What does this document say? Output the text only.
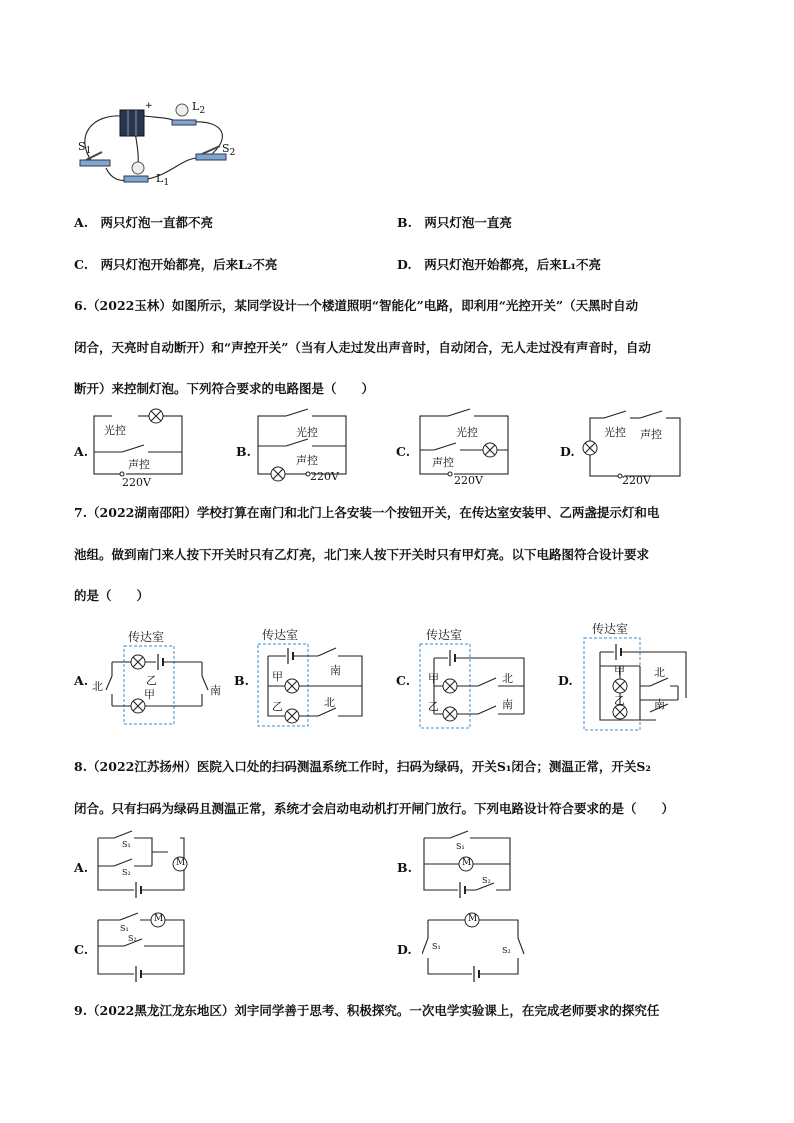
+	$L_2$
$S_1$	$S_2$
$L_1$
A.　两只灯泡一直都不亮	B.　两只灯泡一直亮
C.　两只灯泡开始都亮，后来L₂不亮	D.　两只灯泡开始都亮，后来L₁不亮
6.（2022玉林）如图所示，某同学设计一个楼道照明“智能化”电路，即利用“光控开关”（天黑时自动
闭合，天亮时自动断开）和“声控开关”（当有人走过发出声音时，自动闭合，无人走过没有声音时，自动
断开）来控制灯泡。下列符合要求的电路图是（　　）
A.
光控
声控
220V
B.
光控
声控
220V
C.
光控
声控
220V
D.
光控 声控
220V
7.（2022湖南邵阳）学校打算在南门和北门上各安装一个按钮开关，在传达室安装甲、乙两盏提示灯和电
池组。做到南门来人按下开关时只有乙灯亮，北门来人按下开关时只有甲灯亮。以下电路图符合设计要求
的是（　　）
A.
传达室
乙
甲
北	南
B.
传达室
甲
乙
南
北
C.
传达室
甲
乙
北
南
D.
传达室
甲
乙
北
南
8.（2022江苏扬州）医院入口处的扫码测温系统工作时，扫码为绿码，开关S₁闭合；测温正常，开关S₂
闭合。只有扫码为绿码且测温正常，系统才会启动电动机打开闸门放行。下列电路设计符合要求的是（　　）
A.	M
S₁
S₂	B.	M
S₁
S₂
C.
M
S₁
S₂
D.
M
S₁	S₂
9.（2022黑龙江龙东地区）刘宇同学善于思考、积极探究。一次电学实验课上，在完成老师要求的探究任
